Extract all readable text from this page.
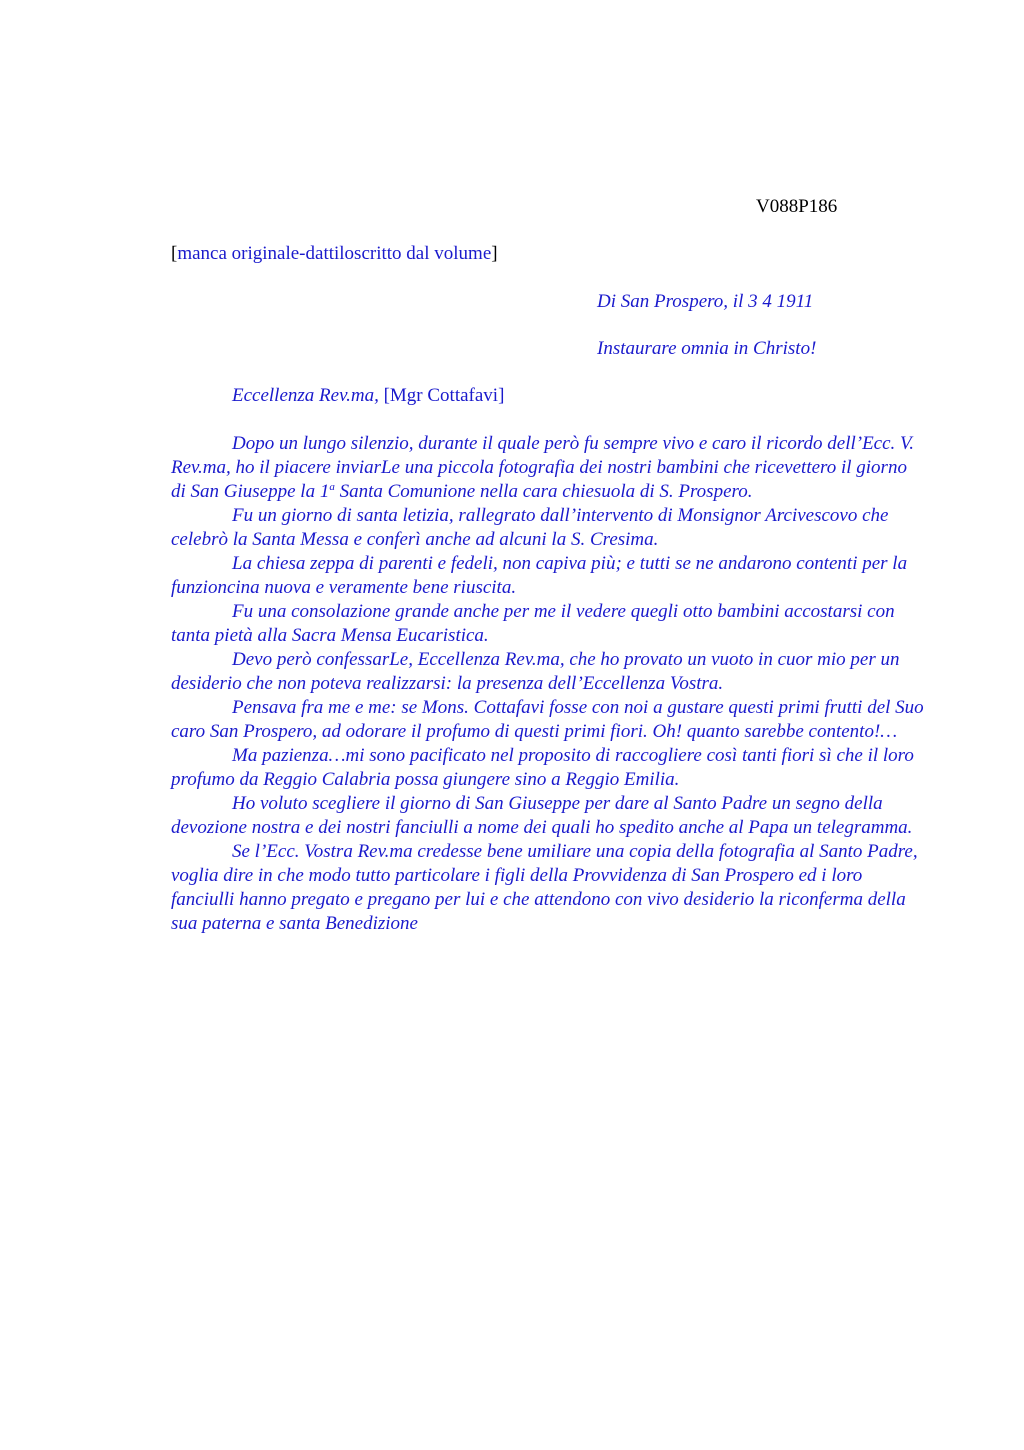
V088P186
[manca originale-dattiloscritto dal volume]
Di San Prospero, il 3 4 1911
Instaurare omnia in Christo!
Eccellenza Rev.ma, [Mgr Cottafavi]

Dopo un lungo silenzio, durante il quale però fu sempre vivo e caro il ricordo dell’Ecc. V. Rev.ma, ho il piacere inviarLe una piccola fotografia dei nostri bambini che ricevettero il giorno di San Giuseppe la 1$^a$ Santa Comunione nella cara chiesuola di S. Prospero.

Fu un giorno di santa letizia, rallegrato dall’intervento di Monsignor Arcivescovo che celebrò la Santa Messa e conferì anche ad alcuni la S. Cresima.

La chiesa zeppa di parenti e fedeli, non capiva più; e tutti se ne andarono contenti per la funzioncina nuova e veramente bene riuscita.

Fu una consolazione grande anche per me il vedere quegli otto bambini accostarsi con tanta pietà alla Sacra Mensa Eucaristica.

Devo però confessarLe, Eccellenza Rev.ma, che ho provato un vuoto in cuor mio per un desiderio che non poteva realizzarsi: la presenza dell’Eccellenza Vostra.

Pensava fra me e me: se Mons. Cottafavi fosse con noi a gustare questi primi frutti del Suo caro San Prospero, ad odorare il profumo di questi primi fiori. Oh! quanto sarebbe contento!…

Ma pazienza…mi sono pacificato nel proposito di raccogliere così tanti fiori sì che il loro profumo da Reggio Calabria possa giungere sino a Reggio Emilia.

Ho voluto scegliere il giorno di San Giuseppe per dare al Santo Padre un segno della devozione nostra e dei nostri fanciulli a nome dei quali ho spedito anche al Papa un telegramma.

Se l’Ecc. Vostra Rev.ma credesse bene umiliare una copia della fotografia al Santo Padre, voglia dire in che modo tutto particolare i figli della Provvidenza di San Prospero ed i loro fanciulli hanno pregato e pregano per lui e che attendono con vivo desiderio la riconferma della sua paterna e santa Benedizione
